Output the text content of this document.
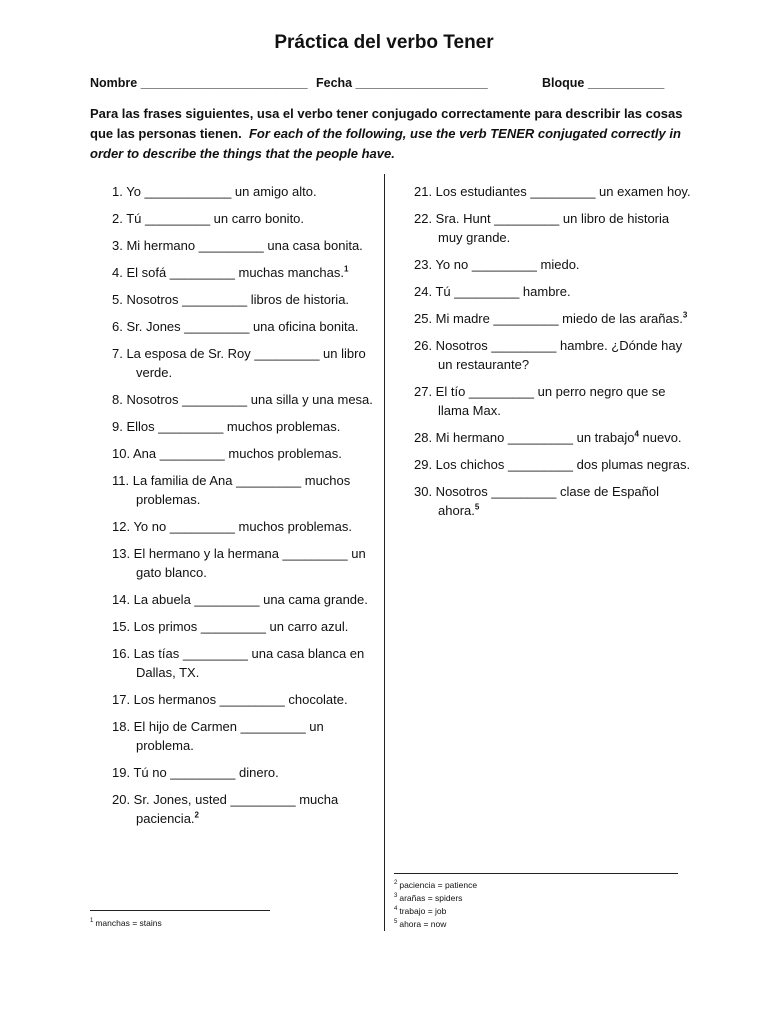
Práctica del verbo Tener
Nombre ________________________ Fecha ___________________	Bloque ___________
Para las frases siguientes, usa el verbo tener conjugado correctamente para describir las cosas que las personas tienen. For each of the following, use the verb TENER conjugated correctly in order to describe the things that the people have.
1. Yo ____________ un amigo alto.
2. Tú _________ un carro bonito.
3. Mi hermano _________ una casa bonita.
4. El sofá _________ muchas manchas.$^1$
5. Nosotros _________ libros de historia.
6. Sr. Jones _________ una oficina bonita.
7. La esposa de Sr. Roy _________ un libro verde.
8. Nosotros _________ una silla y una mesa.
9. Ellos _________ muchos problemas.
10. Ana _________ muchos problemas.
11. La familia de Ana _________ muchos problemas.
12. Yo no _________ muchos problemas.
13. El hermano y la hermana _________ un gato blanco.
14. La abuela _________ una cama grande.
15. Los primos _________ un carro azul.
16. Las tías _________ una casa blanca en Dallas, TX.
17. Los hermanos _________ chocolate.
18. El hijo de Carmen _________ un problema.
19. Tú no _________ dinero.
20. Sr. Jones, usted _________ mucha paciencia.$^2$
21. Los estudiantes _________ un examen hoy.
22. Sra. Hunt _________ un libro de historia muy grande.
23. Yo no _________ miedo.
24. Tú _________ hambre.
25. Mi madre _________ miedo de las arañas.$^3$
26. Nosotros _________ hambre. ¿Dónde hay un restaurante?
27. El tío _________ un perro negro que se llama Max.
28. Mi hermano _________ un trabajo$^4$ nuevo.
29. Los chichos _________ dos plumas negras.
30. Nosotros _________ clase de Español ahora.$^5$
$^1$ manchas = stains
$^2$ paciencia = patience
$^3$ arañas = spiders
$^4$ trabajo = job
$^5$ ahora = now
